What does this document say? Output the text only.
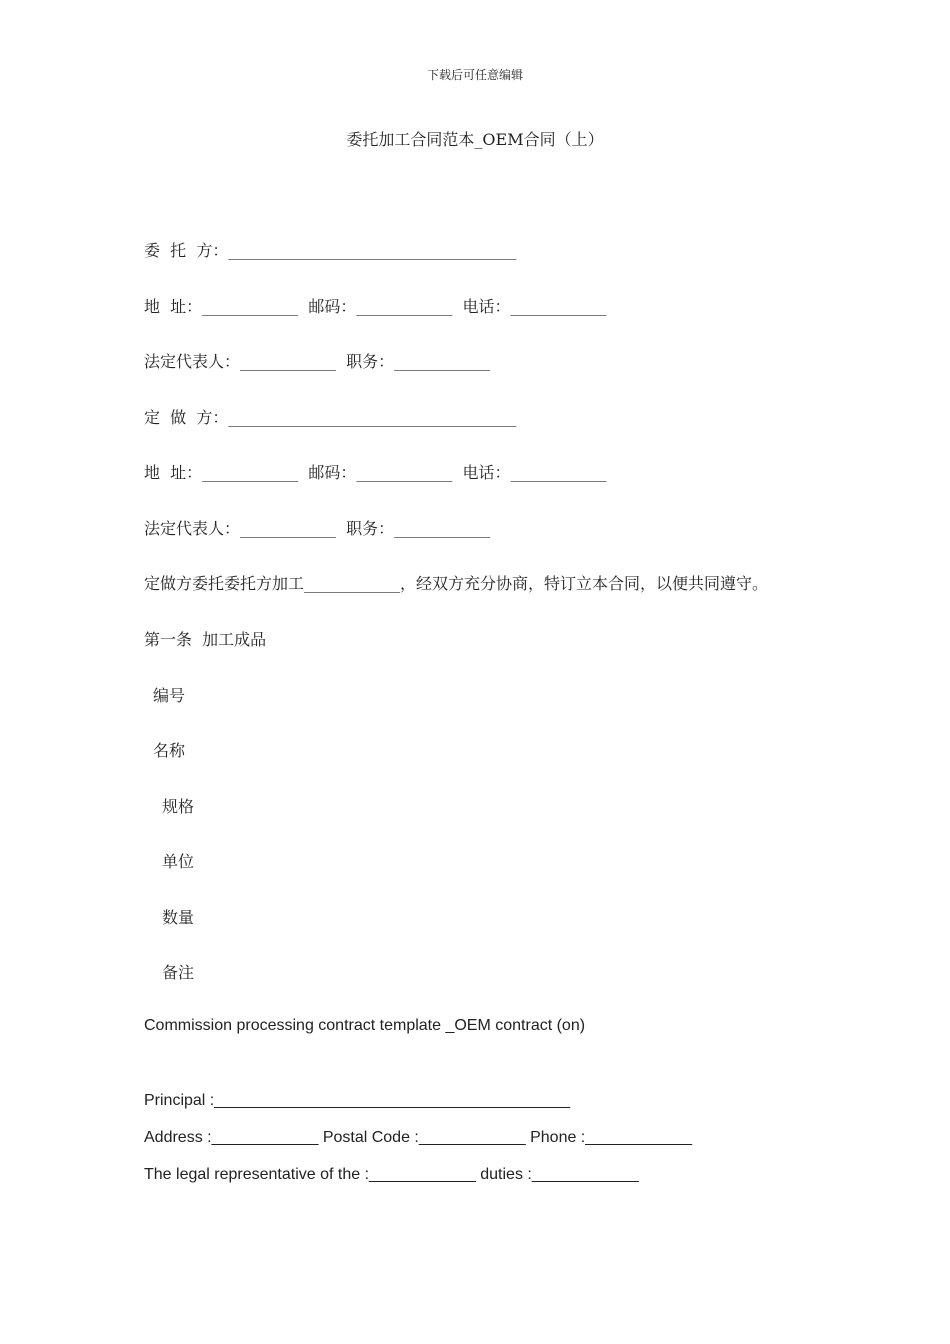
下载后可任意编辑
委托加工合同范本_OEM合同（上）
委  托  方：____________________________________
地  址：____________  邮码：____________  电话：____________
法定代表人：____________  职务：____________
定  做  方：____________________________________
地  址：____________  邮码：____________  电话：____________
法定代表人：____________  职务：____________
定做方委托委托方加工____________，经双方充分协商，特订立本合同，以便共同遵守。
第一条  加工成品
编号
名称
规格
单位
数量
备注
Commission processing contract template _OEM contract (on)
Principal :________________________________________
Address :____________ Postal Code :____________ Phone :____________
The legal representative of the :____________ duties :____________
